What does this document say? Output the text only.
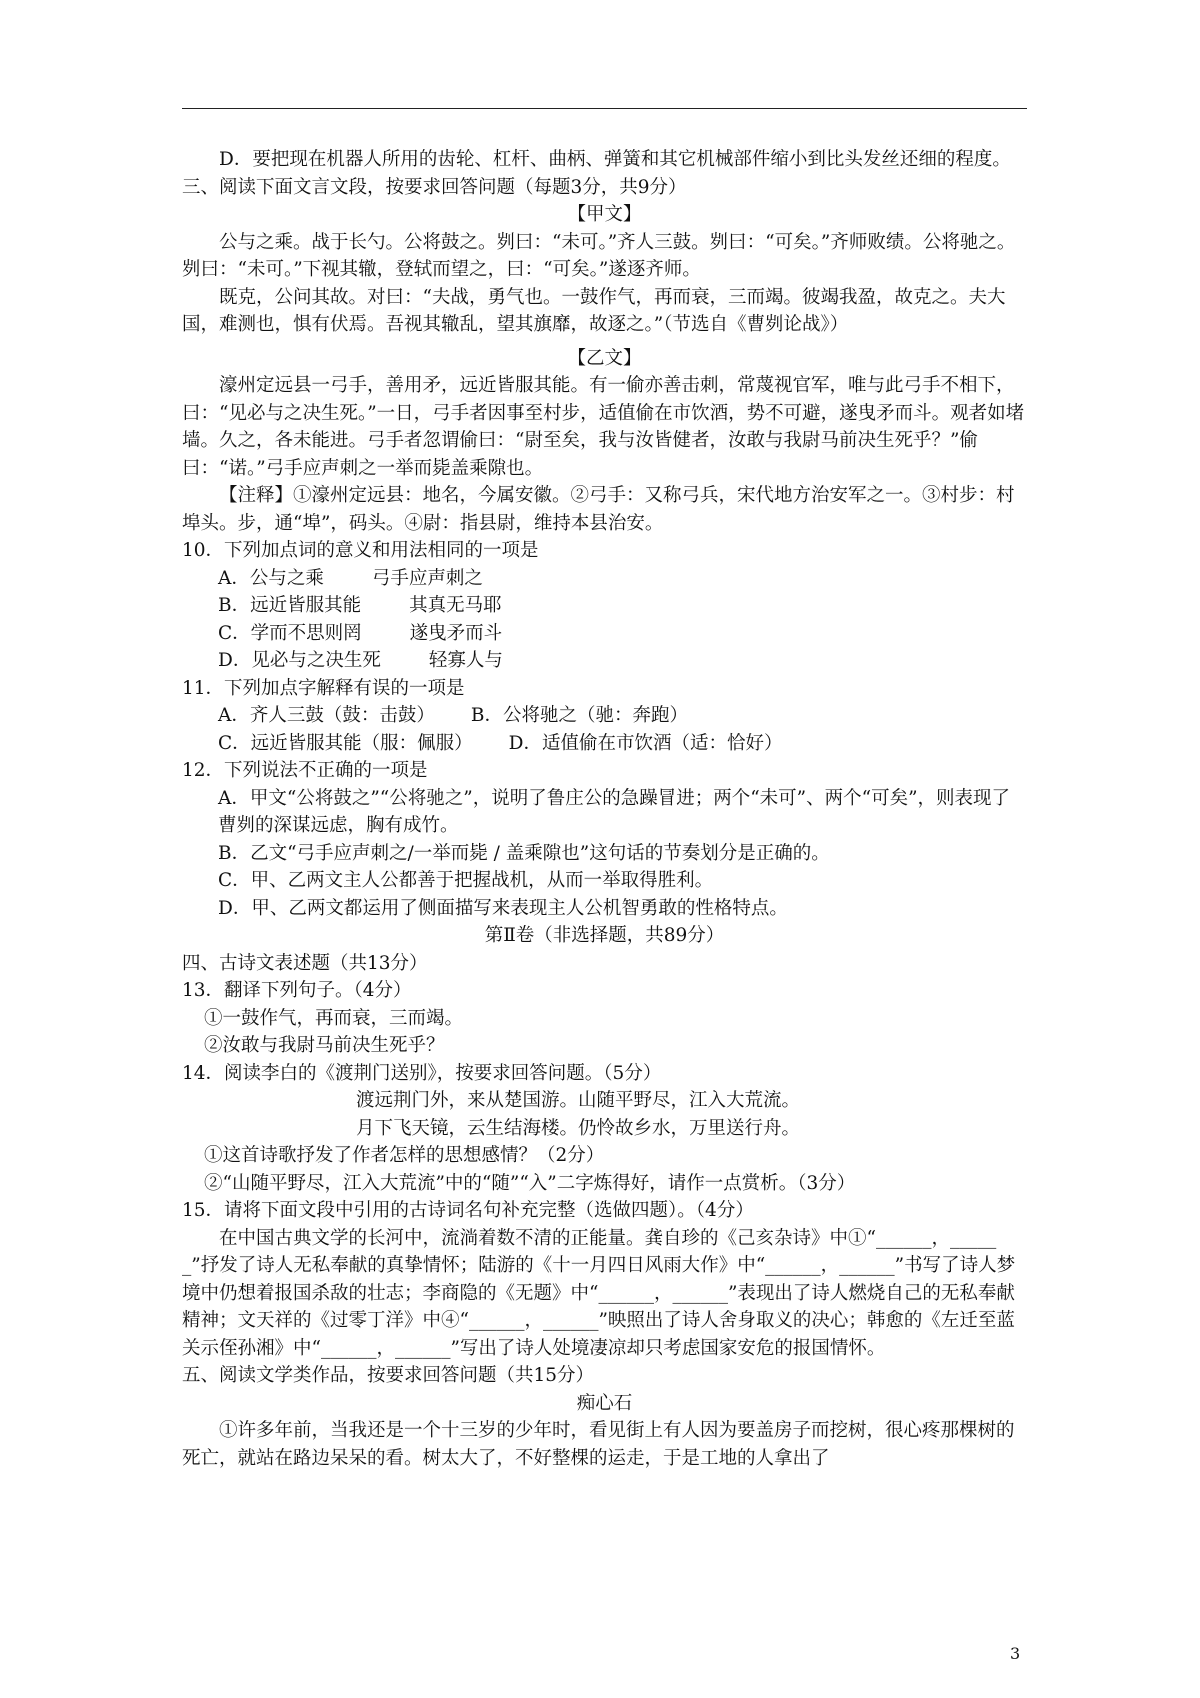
D．要把现在机器人所用的齿轮、杠杆、曲柄、弹簧和其它机械部件缩小到比头发丝还细的程度。

三、阅读下面文言文段，按要求回答问题（每题3分，共9分）

【甲文】

公与之乘。战于长勺。公将鼓之。刿曰：“未可。”齐人三鼓。刿曰：“可矣。”齐师败绩。公将驰之。刿曰：“未可。”下视其辙，登轼而望之，曰：“可矣。”遂逐齐师。

既克，公问其故。对曰：“夫战，勇气也。一鼓作气，再而衰，三而竭。彼竭我盈，故克之。夫大国，难测也，惧有伏焉。吾视其辙乱，望其旗靡，故逐之。”（节选自《曹刿论战》）

【乙文】

濠州定远县一弓手，善用矛，远近皆服其能。有一偷亦善击刺，常蔑视官军，唯与此弓手不相下，曰：“见必与之决生死。”一日，弓手者因事至村步，适值偷在市饮酒，势不可避，遂曳矛而斗。观者如堵墙。久之，各未能进。弓手者忽谓偷曰：“尉至矣，我与汝皆健者，汝敢与我尉马前决生死乎？”偷曰：“诺。”弓手应声刺之一举而毙盖乘隙也。

【注释】①濠州定远县：地名，今属安徽。②弓手：又称弓兵，宋代地方治安军之一。③村步：村埠头。步，通“埠”，码头。④尉：指县尉，维持本县治安。

10．下列加点词的意义和用法相同的一项是

A．公与之乘	弓手应声刺之

B．远近皆服其能	其真无马耶

C．学而不思则罔	遂曳矛而斗

D．见必与之决生死	轻寡人与

11．下列加点字解释有误的一项是

A．齐人三鼓（鼓：击鼓） B．公将驰之（驰：奔跑）

C．远近皆服其能（服：佩服） D．适值偷在市饮酒（适：恰好）

12．下列说法不正确的一项是

A．甲文“公将鼓之”“公将驰之”，说明了鲁庄公的急躁冒进；两个“未可”、两个“可矣”，则表现了曹刿的深谋远虑，胸有成竹。

B．乙文“弓手应声刺之/一举而毙 / 盖乘隙也”这句话的节奏划分是正确的。

C．甲、乙两文主人公都善于把握战机，从而一举取得胜利。

D．甲、乙两文都运用了侧面描写来表现主人公机智勇敢的性格特点。

第Ⅱ卷（非选择题，共89分）

四、古诗文表述题（共13分）

13．翻译下列句子。（4分）

①一鼓作气，再而衰，三而竭。

②汝敢与我尉马前决生死乎？

14．阅读李白的《渡荆门送别》，按要求回答问题。（5分）

渡远荆门外，来从楚国游。山随平野尽，江入大荒流。

月下飞天镜，云生结海楼。仍怜故乡水，万里送行舟。

①这首诗歌抒发了作者怎样的思想感情？（2分）

②“山随平野尽，江入大荒流”中的“随”“入”二字炼得好，请作一点赏析。（3分）

15．请将下面文段中引用的古诗词名句补充完整（选做四题）。（4分）

在中国古典文学的长河中，流淌着数不清的正能量。龚自珍的《己亥杂诗》中①“______，______”抒发了诗人无私奉献的真挚情怀；陆游的《十一月四日风雨大作》中“______，______”书写了诗人梦境中仍想着报国杀敌的壮志；李商隐的《无题》中“______，______”表现出了诗人燃烧自己的无私奉献精神；文天祥的《过零丁洋》中④“______，______”映照出了诗人舍身取义的决心；韩愈的《左迁至蓝关示侄孙湘》中“______，______”写出了诗人处境凄凉却只考虑国家安危的报国情怀。

五、阅读文学类作品，按要求回答问题（共15分）

痴心石

①许多年前，当我还是一个十三岁的少年时，看见街上有人因为要盖房子而挖树，很心疼那棵树的死亡，就站在路边呆呆的看。树太大了，不好整棵的运走，于是工地的人拿出了

3
